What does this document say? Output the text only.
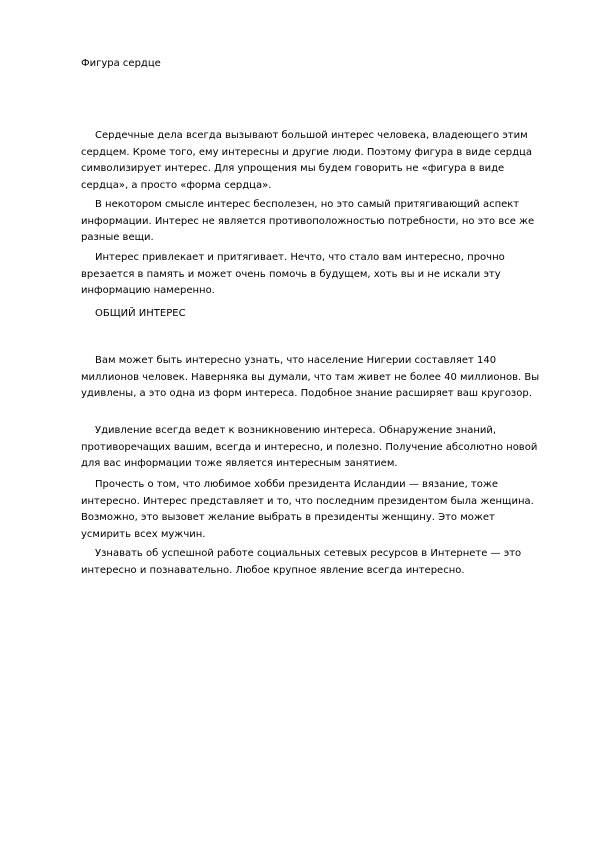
Фигура сердце

Сердечные дела всегда вызывают большой интерес человека, владеющего этим сердцем. Кроме того, ему интересны и другие люди. Поэтому фигура в виде сердца символизирует интерес. Для упрощения мы будем говорить не «фигура в виде сердца», а просто «форма сердца».

В некотором смысле интерес бесполезен, но это самый притягивающий аспект информации. Интерес не является противоположностью потребности, но это все же разные вещи.

Интерес привлекает и притягивает. Нечто, что стало вам интересно, прочно врезается в память и может очень помочь в будущем, хоть вы и не искали эту информацию намеренно.

ОБЩИЙ ИНТЕРЕС

Вам может быть интересно узнать, что население Нигерии составляет 140 миллионов человек. Наверняка вы думали, что там живет не более 40 миллионов. Вы удивлены, а это одна из форм интереса. Подобное знание расширяет ваш кругозор.

Удивление всегда ведет к возникновению интереса. Обнаружение знаний, противоречащих вашим, всегда и интересно, и полезно. Получение абсолютно новой для вас информации тоже является интересным занятием.

Прочесть о том, что любимое хобби президента Исландии — вязание, тоже интересно. Интерес представляет и то, что последним президентом была женщина. Возможно, это вызовет желание выбрать в президенты женщину. Это может усмирить всех мужчин.

Узнавать об успешной работе социальных сетевых ресурсов в Интернете — это интересно и познавательно. Любое крупное явление всегда интересно.
